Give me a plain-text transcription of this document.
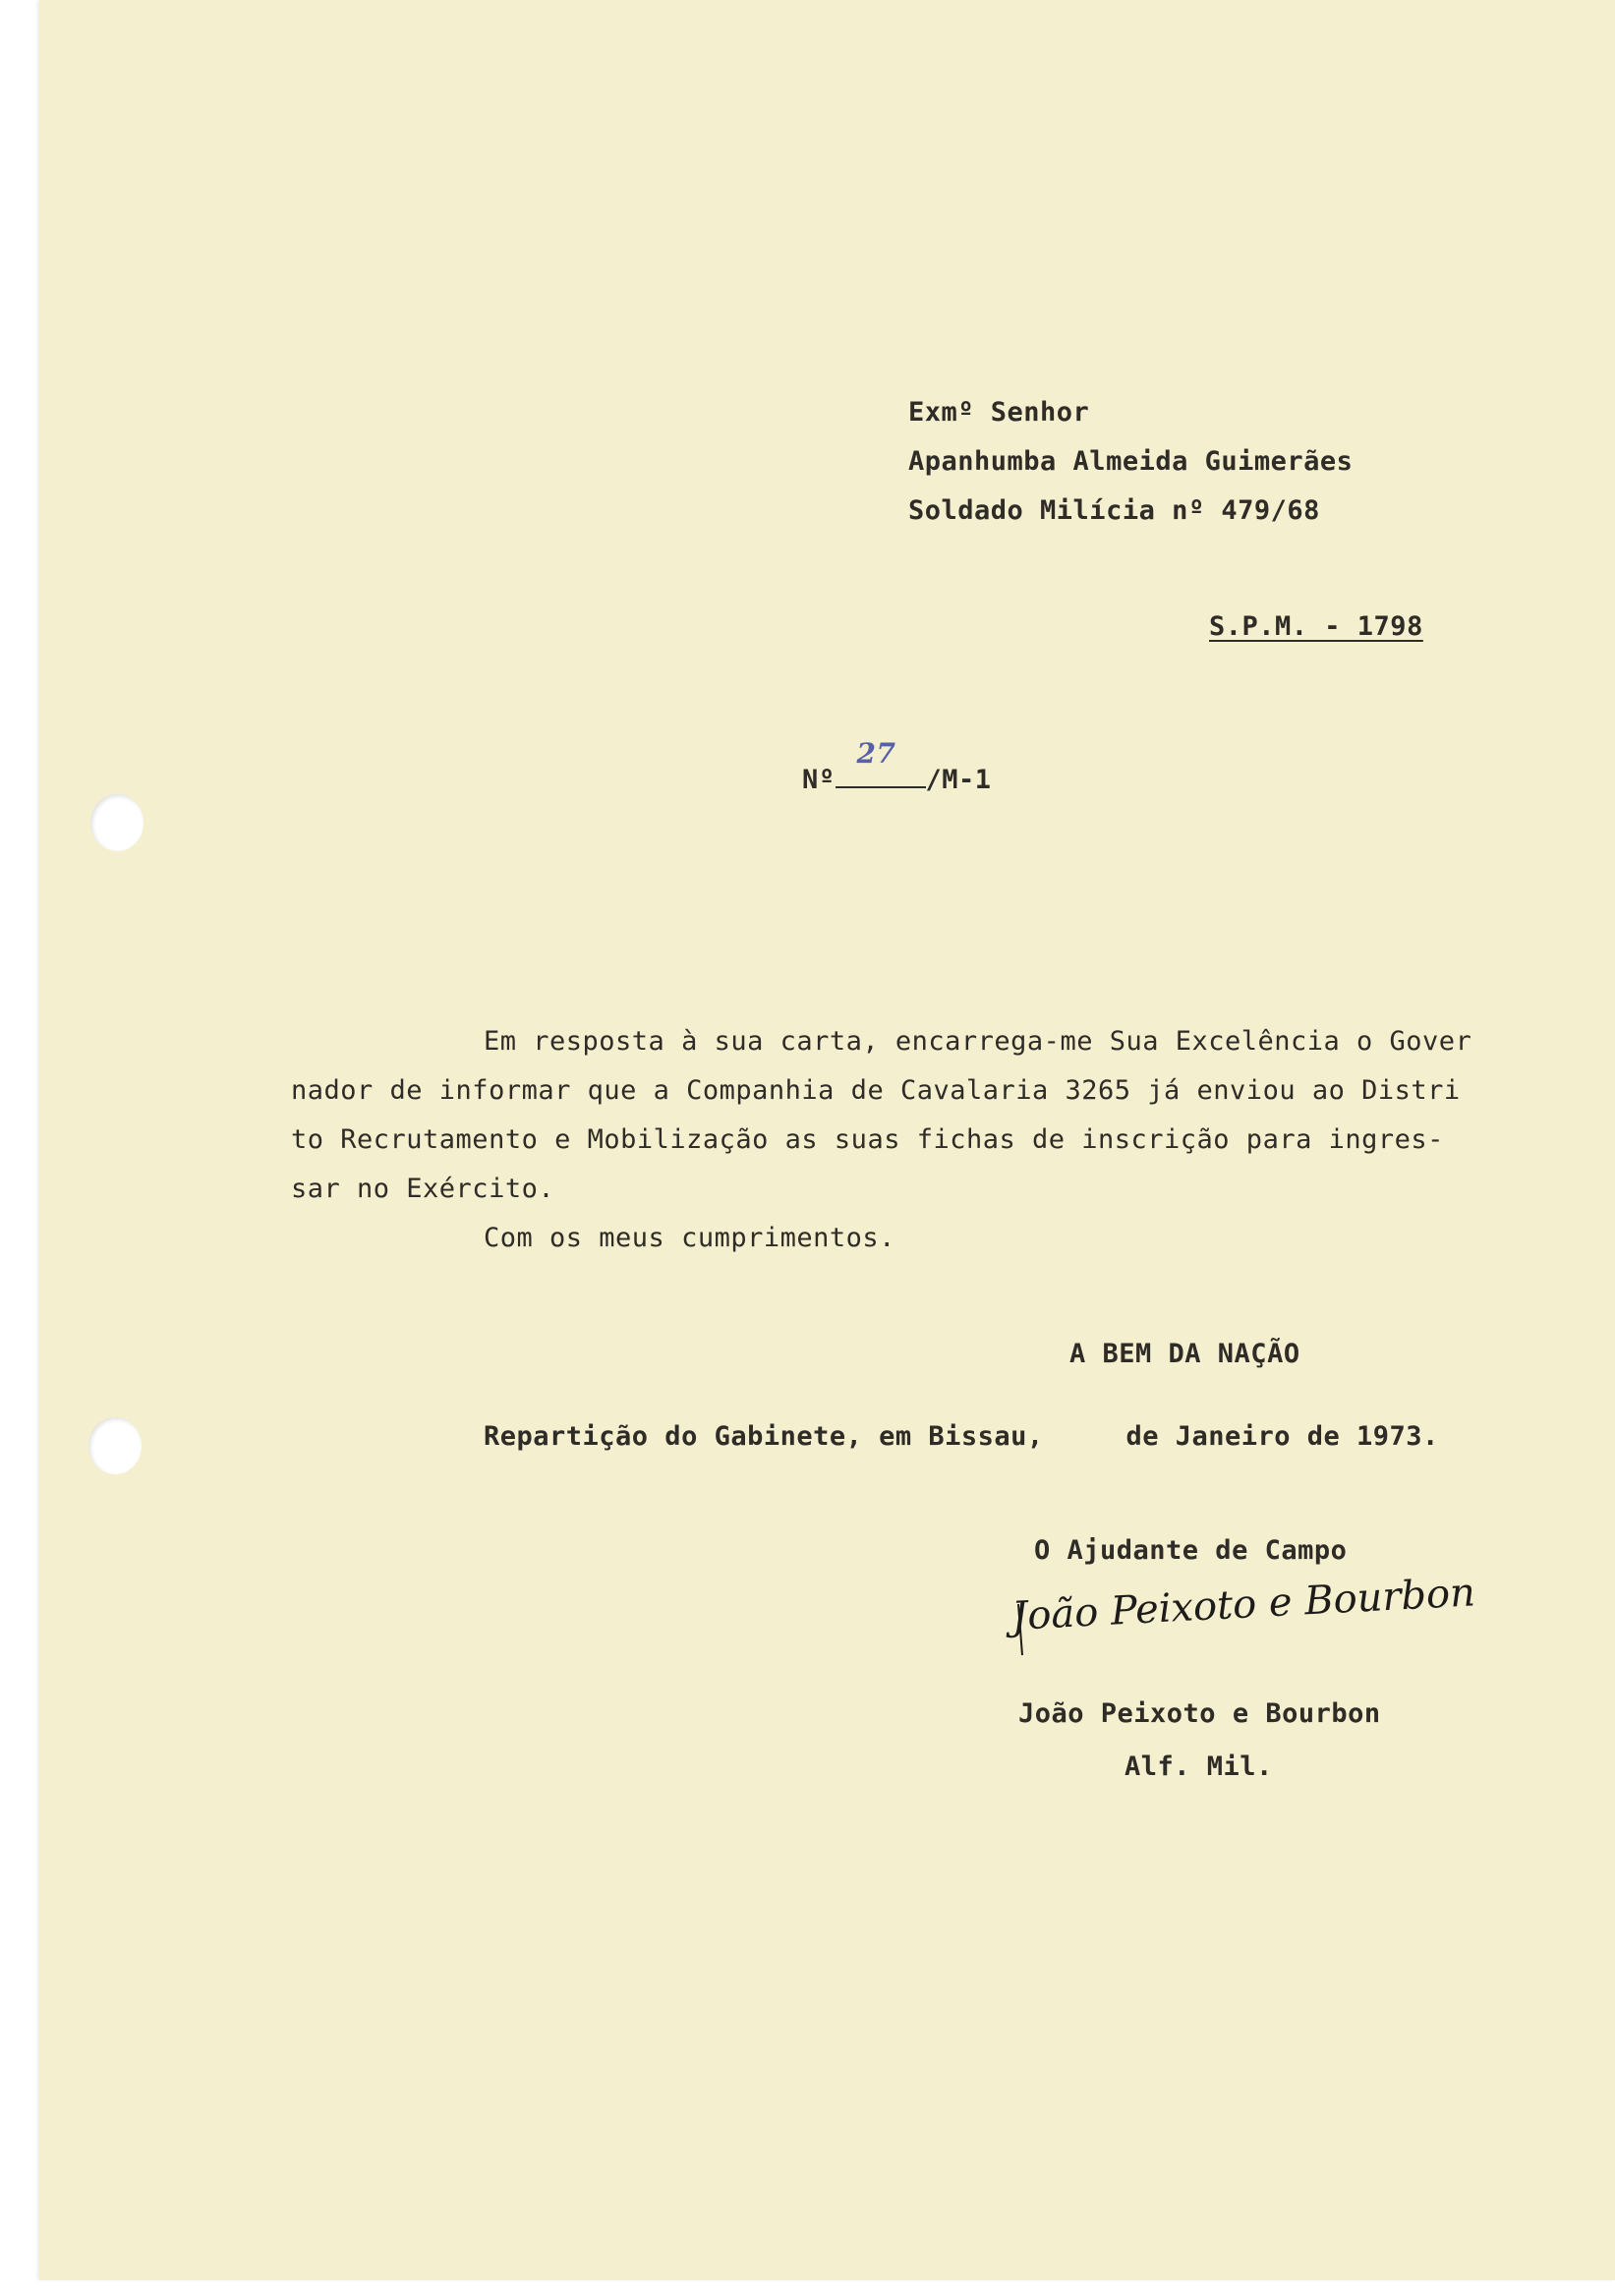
Exmº Senhor
Apanhumba Almeida Guimerães
Soldado Milícia nº 479/68
S.P.M. - 1798
Nº
27
/M-1
Em resposta à sua carta, encarrega-me Sua Excelência o Gover
nador de informar que a Companhia de Cavalaria 3265 já enviou ao Distri
to Recrutamento e Mobilização as suas fichas de inscrição para ingres-
sar no Exército.
Com os meus cumprimentos.
A BEM DA NAÇÃO
Repartição do Gabinete, em Bissau,     de Janeiro de 1973.
O Ajudante de Campo
João Peixoto e Bourbon
João Peixoto e Bourbon
Alf. Mil.
